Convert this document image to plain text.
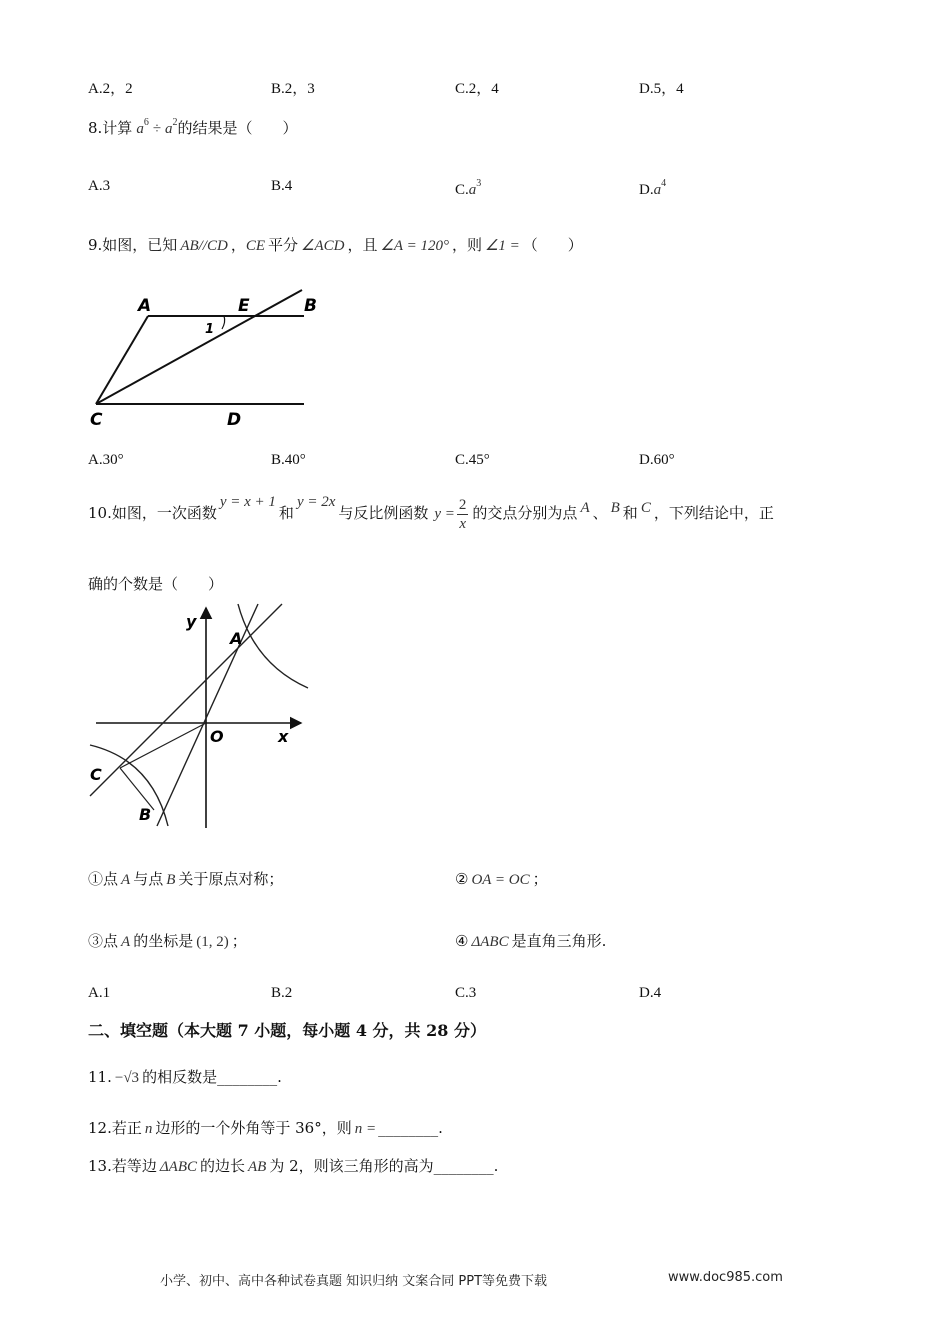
A.2，2	B.2，3	C.2，4	D.5，4
8.计算 $a^6 \div a^2$的结果是（　　）
A.3	B.4	$C.a^3$	$D.a^4$
9.如图，已知 AB//CD ，CE 平分 ∠ACD ，且 ∠A = 120° ，则 ∠1 = （　　）
A	E	B
1
C	D
A.30°	B.40°	C.45°	D.60°
10.如图，一次函数y = x + 1和y = 2x与反比例函数 $y = \frac{2}{x}$ 的交点分别为点 A 、 B 和 C ，下列结论中，正
确的个数是（　　）
y
A
O	x
C
B
①点 A 与点 B 关于原点对称；	② OA = OC ；
③点 A 的坐标是 (1, 2) ；	④ ΔABC 是直角三角形.
A.1	B.2	C.3	D.4
二、填空题（本大题 7 小题，每小题 4 分，共 28 分）
11. −√3 的相反数是________.
12.若正 n 边形的一个外角等于 36°，则 n = ________.
13.若等边 ΔABC 的边长 AB 为 2，则该三角形的高为________.
小学、初中、高中各种试卷真题 知识归纳 文案合同 PPT等免费下载	www.doc985.com
